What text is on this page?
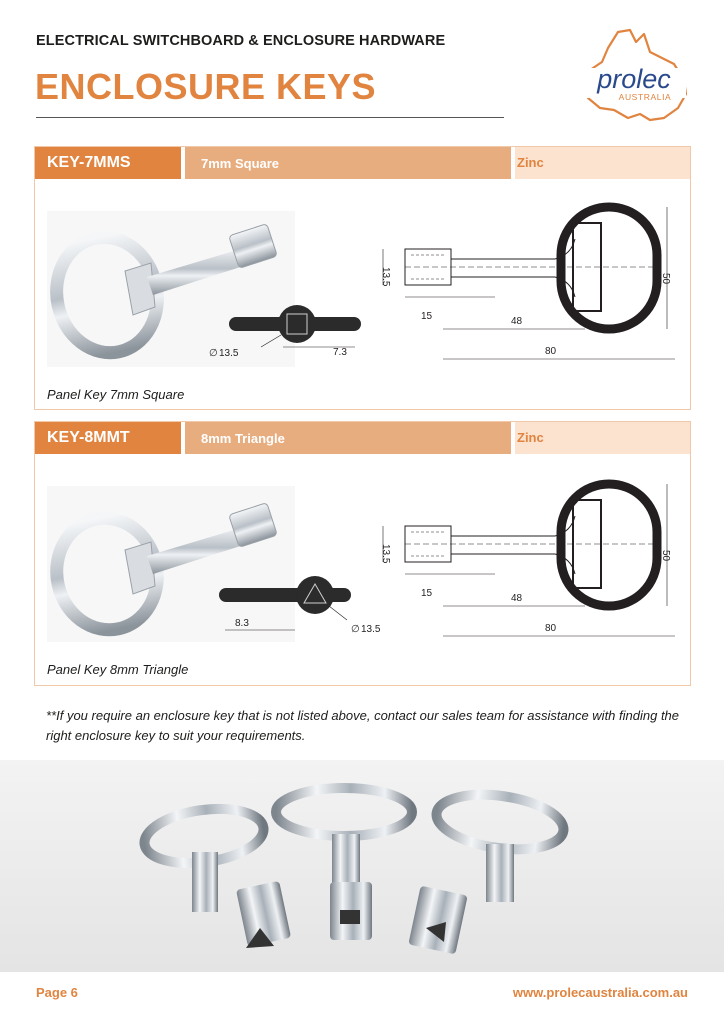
ELECTRICAL SWITCHBOARD & ENCLOSURE HARDWARE
ENCLOSURE KEYS	prolec
AUSTRALIA
KEY-7MMS	7mm Square	Zinc
13.5
∅	7.3
13.5
15	48
80
50
Panel Key 7mm Square
KEY-8MMT	8mm Triangle	Zinc
8.3
∅ 13.5
13.5
15	48
80
50
Panel Key 8mm Triangle
**If you require an enclosure key that is not listed above, contact our sales team for assistance with finding the right enclosure key to suit your requirements.
Page 6	www.prolecaustralia.com.au
